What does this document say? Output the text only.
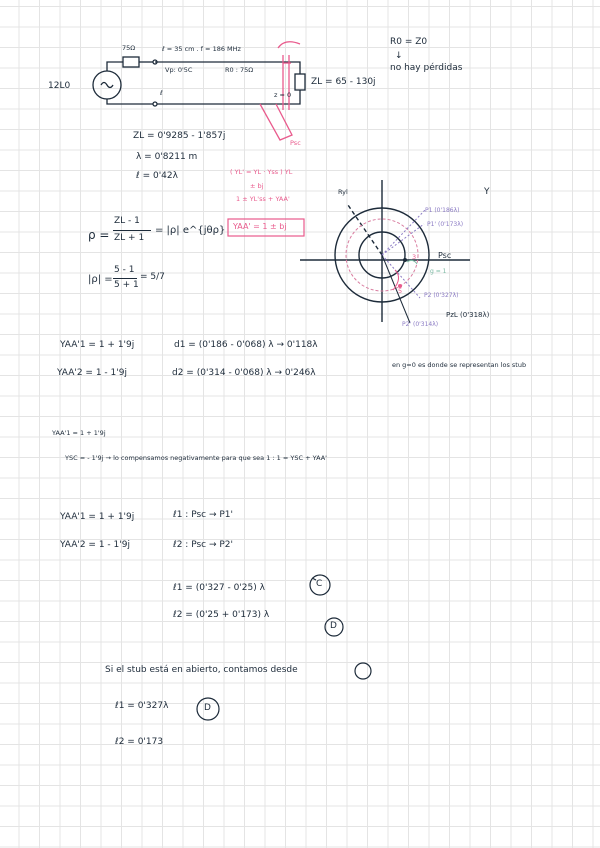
12L0
75Ω	ℓ = 35 cm . f = 186 MHz
Vp: 0'5C	R0 : 75Ω
ℓ
ZL = 65 - 130j
z = 0
Psc
R0 = Z0
↓
no hay pérdidas
ZL = 0'9285 - 1'857j
λ = 0'8211 m
ℓ = 0'42λ	( YL' = YL · Yss ) YL
± bj
1 ± YL'ss + YAA'
YAA' = 1 ± bj
ρ =
ZL - 1
ZL + 1
= |ρ| e^{jθρ}
|ρ| =
5 - 1
5 + 1
= 5/7
Ryl	Y
P1 (0'186λ)
P1' (0'173λ)
Psc
g = 1
P2 (0'327λ)
P2' (0'314λ)
PzL (0'318λ)
3
5
YAA'1 = 1 + 1'9j
YAA'2 = 1 - 1'9j
d1 = (0'186 - 0'068) λ → 0'118λ
d2 = (0'314 - 0'068) λ → 0'246λ
en g=0 es donde se representan los stub
YAA'1 = 1 + 1'9j
YSC = - 1'9j → lo compensamos negativamente para que sea 1 : 1 = YSC + YAA'
YAA'1 = 1 + 1'9j
YAA'2 = 1 - 1'9j
ℓ1 : Psc → P1'
ℓ2 : Psc → P2'
ℓ1 = (0'327 - 0'25) λ
ℓ2 = (0'25 + 0'173) λ
C
D
Si el stub está en abierto, contamos desde
ℓ1 = 0'327λ
ℓ2 = 0'173
D
